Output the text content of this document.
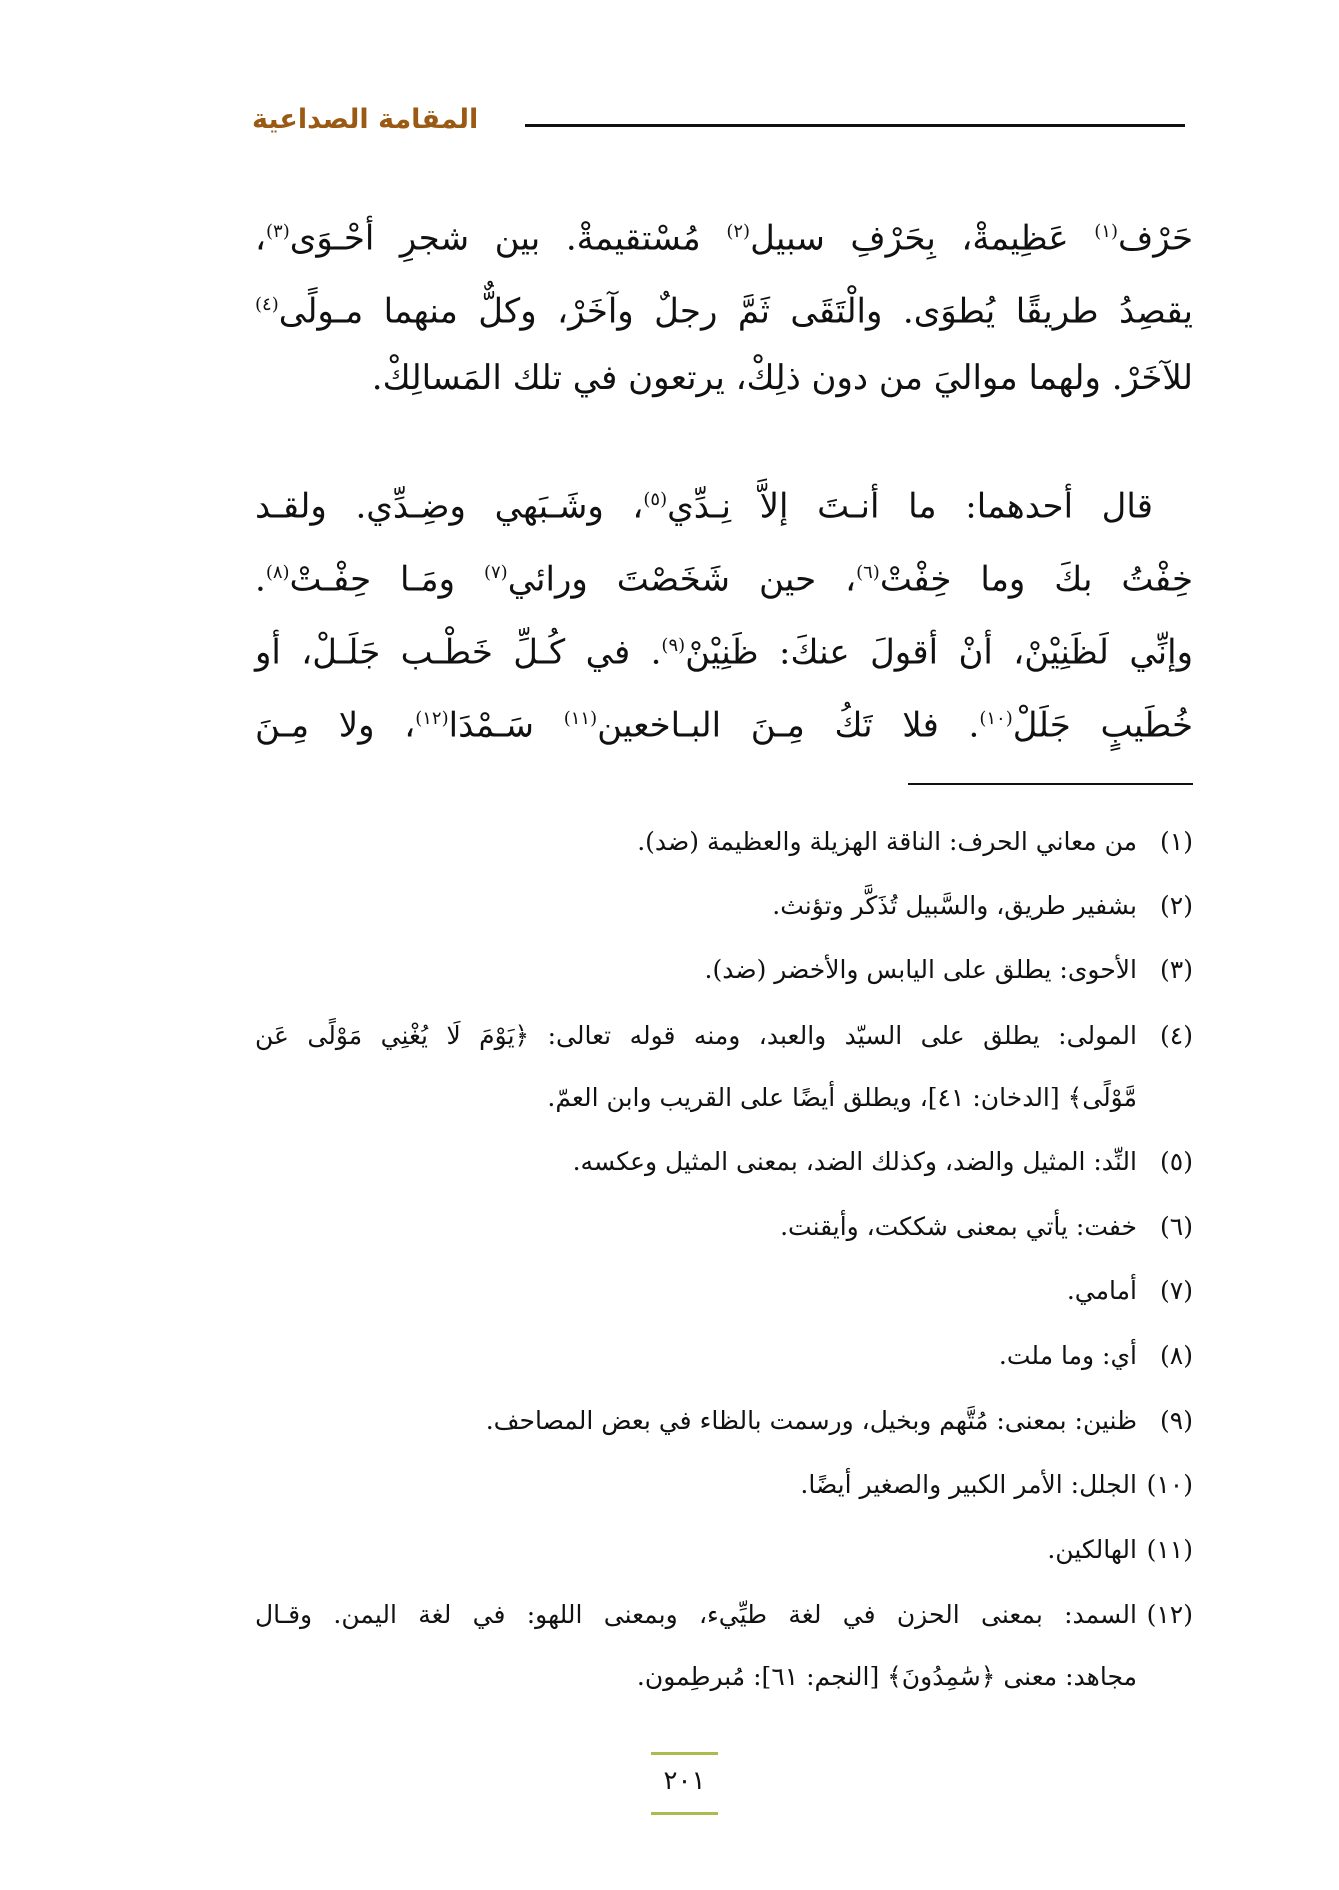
المقامة الصداعية
حَرْف$^{(١)}$ عَظِيمةْ، بِحَرْفِ سبيل$^{(٢)}$ مُسْتقيمةْ. بين شجرِ أحْـوَى$^{(٣)}$،
يقصِدُ طريقًا يُطوَى. والْتَقَى ثَمَّ رجلٌ وآخَرْ، وكلٌّ منهما مـولًى$^{(٤)}$
للآخَرْ. ولهما مواليَ من دون ذلِكْ، يرتعون في تلك المَسالِكْ.
قال أحدهما: ما أنـتَ إلاَّ نِـدِّي$^{(٥)}$، وشَـبَهي وضِـدِّي. ولقـد
خِفْتُ بكَ وما خِفْتْ$^{(٦)}$، حين شَخَصْتَ ورائي$^{(٧)}$ ومَـا حِفْـتْ$^{(٨)}$.
وإنِّي لَظَنِيْنْ، أنْ أقولَ عنكَ: ظَنِيْنْ$^{(٩)}$. في كُـلِّ خَطْـب جَلَـلْ، أو
خُطَيبٍ جَلَلْ$^{(١٠)}$. فلا تَكُ مِـنَ البـاخعين$^{(١١)}$ سَـمْدَا$^{(١٢)}$، ولا مِـنَ
(١)من معاني الحرف: الناقة الهزيلة والعظيمة (ضد).
(٢)بشفير طريق، والسَّبيل تُذَكَّر وتؤنث.
(٣)الأحوى: يطلق على اليابس والأخضر (ضد).
(٤)المولى: يطلق على السيّد والعبد، ومنه قوله تعالى: ﴿يَوْمَ لَا يُغْنِي مَوْلًى عَن
مَّوْلًى﴾ [الدخان: ٤١]، ويطلق أيضًا على القريب وابن العمّ.
(٥)النِّد: المثيل والضد، وكذلك الضد، بمعنى المثيل وعكسه.
(٦)خفت: يأتي بمعنى شككت، وأيقنت.
(٧)أمامي.
(٨)أي: وما ملت.
(٩)ظنين: بمعنى: مُتَّهم وبخيل، ورسمت بالظاء في بعض المصاحف.
(١٠)الجلل: الأمر الكبير والصغير أيضًا.
(١١)الهالكين.
(١٢)السمد: بمعنى الحزن في لغة طيِّيء، وبمعنى اللهو: في لغة اليمن. وقـال
مجاهد: معنى ﴿سَٰمِدُونَ﴾ [النجم: ٦١]: مُبرطِمون.
٢٠١
